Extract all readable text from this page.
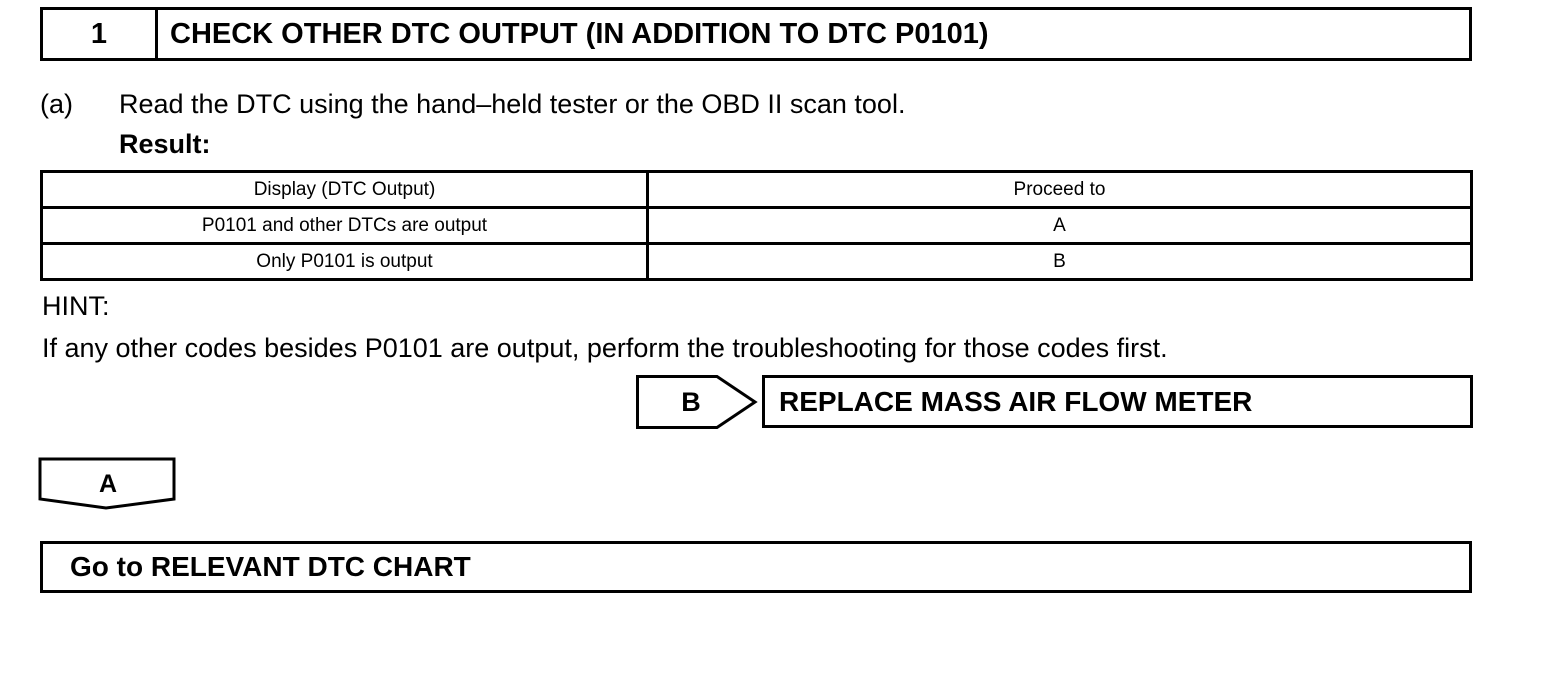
1	CHECK OTHER DTC OUTPUT (IN ADDITION TO DTC P0101)
(a) Read the DTC using the hand–held tester or the OBD II scan tool.
Result:
Display (DTC Output)	Proceed to
P0101 and other DTCs are output	A
Only P0101 is output	B
HINT:
If any other codes besides P0101 are output, perform the troubleshooting for those codes first.
B	REPLACE MASS AIR FLOW METER
A
Go to RELEVANT DTC CHART
